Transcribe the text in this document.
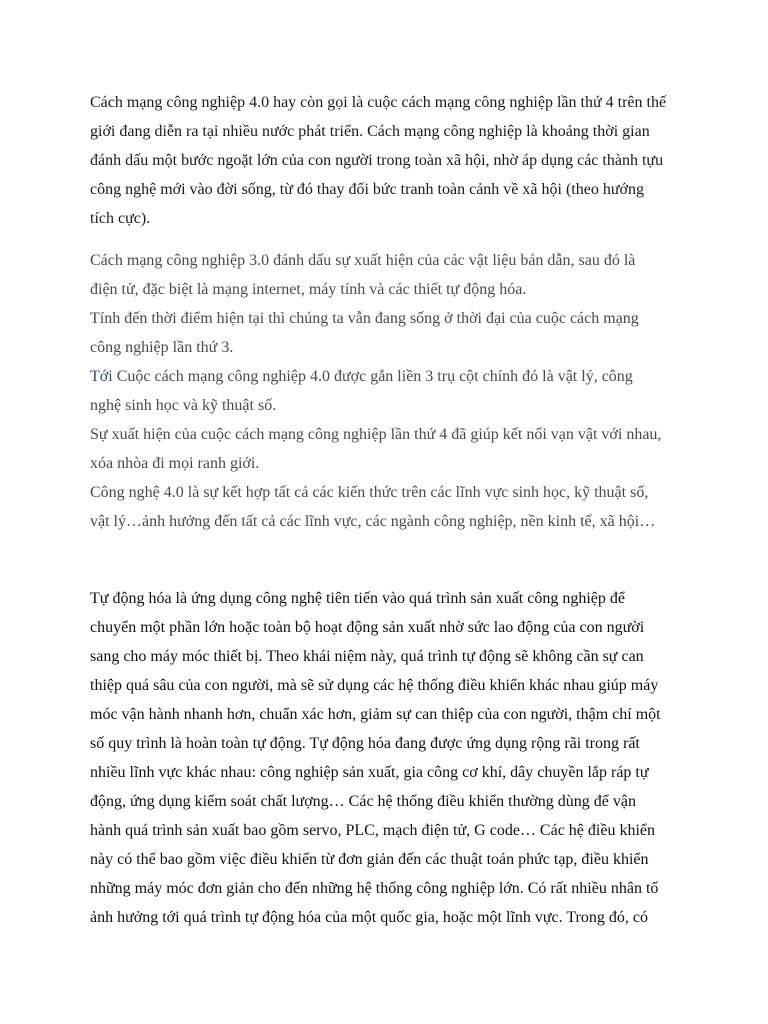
Cách mạng công nghiệp 4.0 hay còn gọi là cuộc cách mạng công nghiệp lần thứ 4 trên thế
giới đang diễn ra tại nhiều nước phát triển. Cách mạng công nghiệp là khoảng thời gian
đánh dấu một bước ngoặt lớn của con người trong toàn xã hội, nhờ áp dụng các thành tựu
công nghệ mới vào đời sống, từ đó thay đổi bức tranh toàn cảnh về xã hội (theo hướng
tích cực).

Cách mạng công nghiệp 3.0 đánh dấu sự xuất hiện của các vật liệu bán dẫn, sau đó là
điện tử, đặc biệt là mạng internet, máy tính và các thiết tự động hóa.

Tính đến thời điểm hiện tại thì chúng ta vẫn đang sống ở thời đại của cuộc cách mạng
công nghiệp lần thứ 3.

Tới Cuộc cách mạng công nghiệp 4.0 được gắn liền 3 trụ cột chính đó là vật lý, công
nghệ sinh học và kỹ thuật số.

Sự xuất hiện của cuộc cách mạng công nghiệp lần thứ 4 đã giúp kết nối vạn vật với nhau,
xóa nhòa đi mọi ranh giới.

Công nghệ 4.0 là sự kết hợp tất cả các kiến thức trên các lĩnh vực sinh học, kỹ thuật số,
vật lý…ảnh hưởng đến tất cả các lĩnh vực, các ngành công nghiệp, nền kinh tế, xã hội…

Tự động hóa là ứng dụng công nghệ tiên tiến vào quá trình sản xuất công nghiệp để
chuyển một phần lớn hoặc toàn bộ hoạt động sản xuất nhờ sức lao động của con người
sang cho máy móc thiết bị. Theo khái niệm này, quá trình tự động sẽ không cần sự can
thiệp quá sâu của con người, mà sẽ sử dụng các hệ thống điều khiển khác nhau giúp máy
móc vận hành nhanh hơn, chuẩn xác hơn, giảm sự can thiệp của con người, thậm chí một
số quy trình là hoàn toàn tự động. Tự động hóa đang được ứng dụng rộng rãi trong rất
nhiều lĩnh vực khác nhau: công nghiệp sản xuất, gia công cơ khí, dây chuyền lắp ráp tự
động, ứng dụng kiểm soát chất lượng… Các hệ thống điều khiển thường dùng để vận
hành quá trình sản xuất bao gồm servo, PLC, mạch điện tử, G code… Các hệ điều khiển
này có thể bao gồm việc điều khiển từ đơn giản đến các thuật toán phức tạp, điều khiển
những máy móc đơn giản cho đến những hệ thống công nghiệp lớn. Có rất nhiều nhân tố
ảnh hưởng tới quá trình tự động hóa của một quốc gia, hoặc một lĩnh vực. Trong đó, có
